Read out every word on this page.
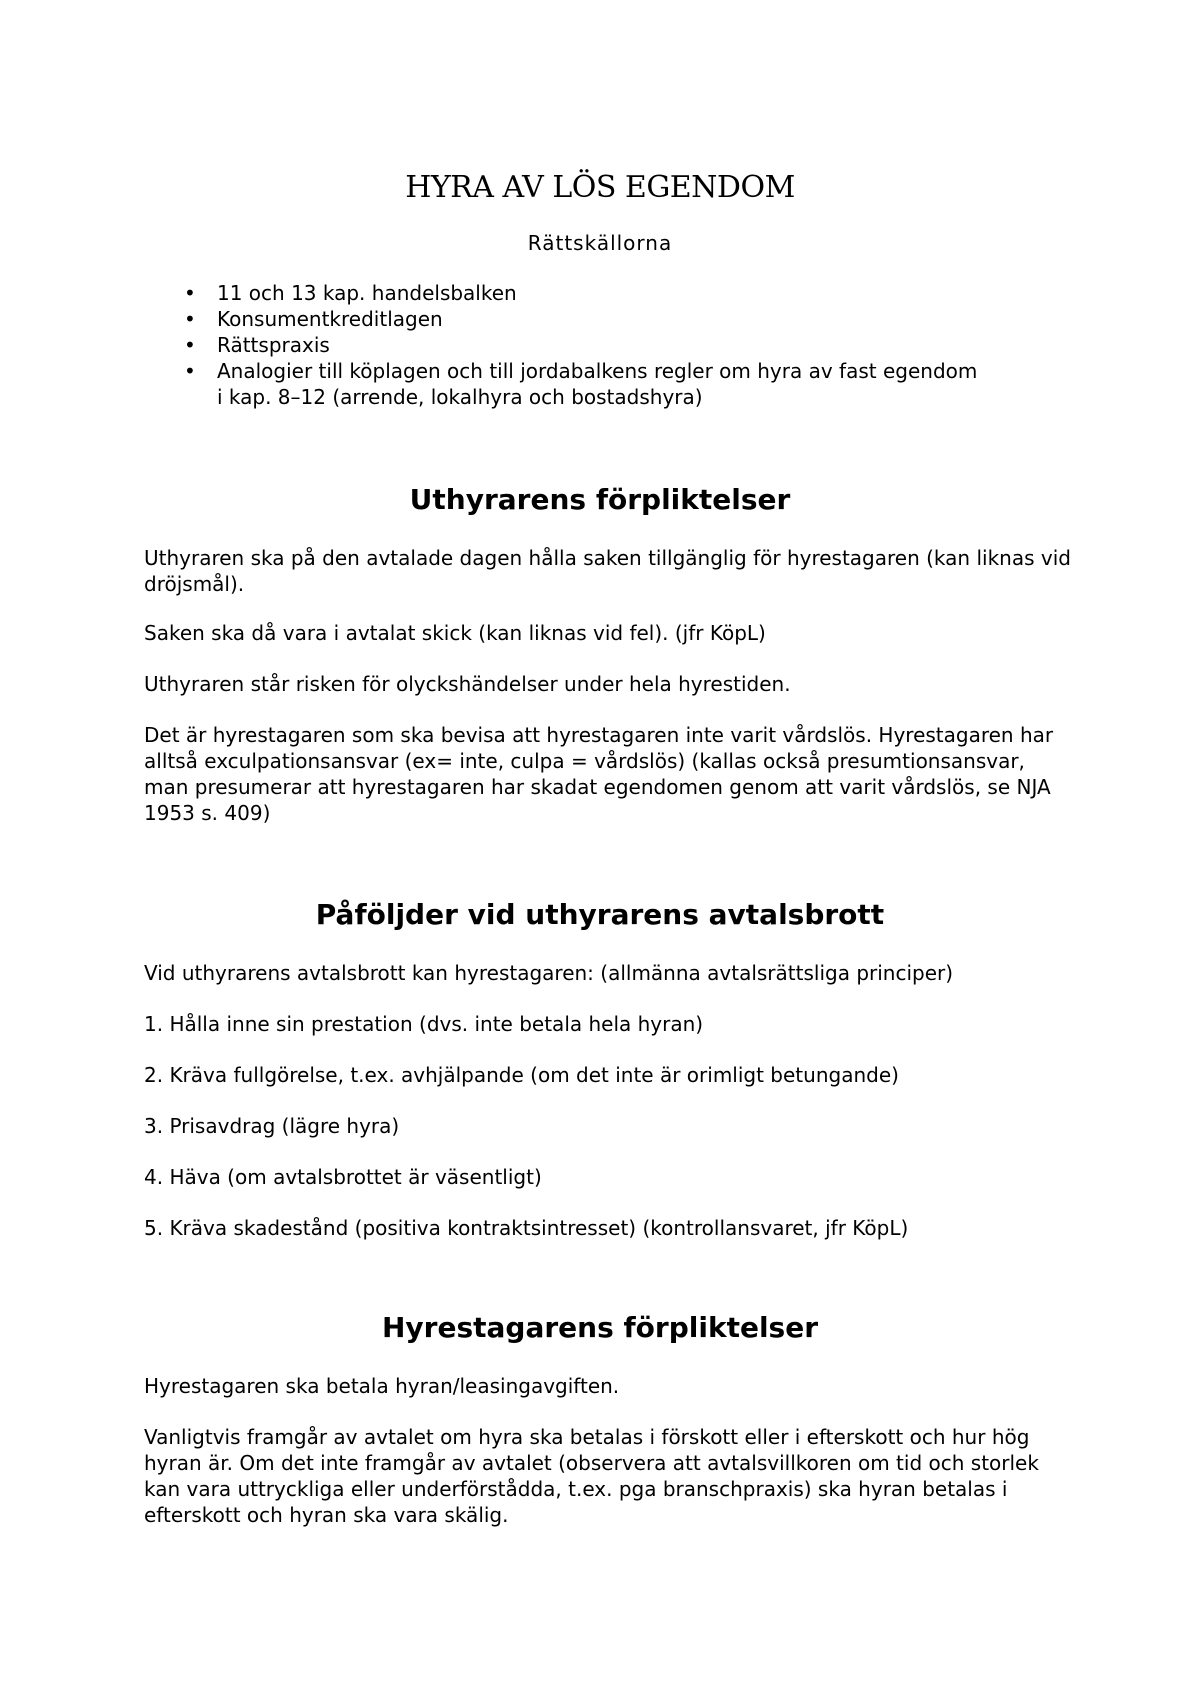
HYRA AV LÖS EGENDOM
Rättskällorna
•	11 och 13 kap. handelsbalken
•	Konsumentkreditlagen
•	Rättspraxis
•	Analogier till köplagen och till jordabalkens regler om hyra av fast egendom i kap. 8–12 (arrende, lokalhyra och bostadshyra)
Uthyrarens förpliktelser

Uthyraren ska på den avtalade dagen hålla saken tillgänglig för hyrestagaren (kan liknas vid dröjsmål).

Saken ska då vara i avtalat skick (kan liknas vid fel). (jfr KöpL)

Uthyraren står risken för olyckshändelser under hela hyrestiden.

Det är hyrestagaren som ska bevisa att hyrestagaren inte varit vårdslös. Hyrestagaren har alltså exculpationsansvar (ex= inte, culpa = vårdslös) (kallas också presumtionsansvar, man presumerar att hyrestagaren har skadat egendomen genom att varit vårdslös, se NJA 1953 s. 409)

Påföljder vid uthyrarens avtalsbrott

Vid uthyrarens avtalsbrott kan hyrestagaren: (allmänna avtalsrättsliga principer)

1. Hålla inne sin prestation (dvs. inte betala hela hyran)

2. Kräva fullgörelse, t.ex. avhjälpande (om det inte är orimligt betungande)

3. Prisavdrag (lägre hyra)

4. Häva (om avtalsbrottet är väsentligt)

5. Kräva skadestånd (positiva kontraktsintresset) (kontrollansvaret, jfr KöpL)

Hyrestagarens förpliktelser

Hyrestagaren ska betala hyran/leasingavgiften.

Vanligtvis framgår av avtalet om hyra ska betalas i förskott eller i efterskott och hur hög hyran är. Om det inte framgår av avtalet (observera att avtalsvillkoren om tid och storlek kan vara uttryckliga eller underförstådda, t.ex. pga branschpraxis) ska hyran betalas i efterskott och hyran ska vara skälig.
